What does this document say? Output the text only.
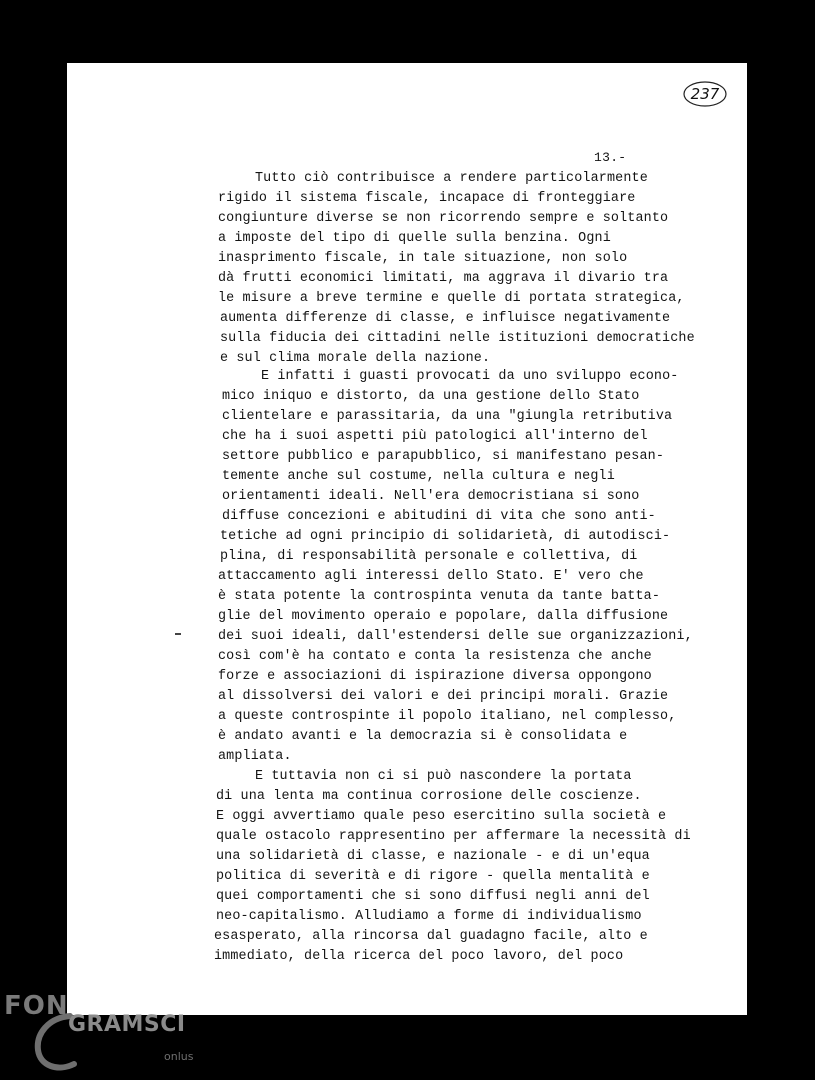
237
13.-
Tutto ciò contribuisce a rendere particolarmente
rigido il sistema fiscale, incapace di fronteggiare
congiunture diverse se non ricorrendo sempre e soltanto
a imposte del tipo di quelle sulla benzina. Ogni
inasprimento fiscale, in tale situazione, non solo
dà frutti economici limitati, ma aggrava il divario tra
le misure a breve termine e quelle di portata strategica,
aumenta differenze di classe, e influisce negativamente
sulla fiducia dei cittadini nelle istituzioni democratiche
e sul clima morale della nazione.
E infatti i guasti provocati da uno sviluppo econo-
mico iniquo e distorto, da una gestione dello Stato
clientelare e parassitaria, da una "giungla retributiva
che ha i suoi aspetti più patologici all'interno del
settore pubblico e parapubblico, si manifestano pesan-
temente anche sul costume, nella cultura e negli
orientamenti ideali. Nell'era democristiana si sono
diffuse concezioni e abitudini di vita che sono anti-
tetiche ad ogni principio di solidarietà, di autodisci-
plina, di responsabilità personale e collettiva, di
attaccamento agli interessi dello Stato. E' vero che
è stata potente la controspinta venuta da tante batta-
glie del movimento operaio e popolare, dalla diffusione
dei suoi ideali, dall'estendersi delle sue organizzazioni,
così com'è ha contato e conta la resistenza che anche
forze e associazioni di ispirazione diversa oppongono
al dissolversi dei valori e dei principi morali. Grazie
a queste controspinte il popolo italiano, nel complesso,
è andato avanti e la democrazia si è consolidata e
ampliata.
E tuttavia non ci si può nascondere la portata
di una lenta ma continua corrosione delle coscienze.
E oggi avvertiamo quale peso esercitino sulla società e
quale ostacolo rappresentino per affermare la necessità di
una solidarietà di classe, e nazionale - e di un'equa
politica di severità e di rigore - quella mentalità e
quei comportamenti che si sono diffusi negli anni del
neo-capitalismo. Alludiamo a forme di individualismo
esasperato, alla rincorsa dal guadagno facile, alto e
immediato, della ricerca del poco lavoro, del poco
FON
GRAMSCI
onlus
